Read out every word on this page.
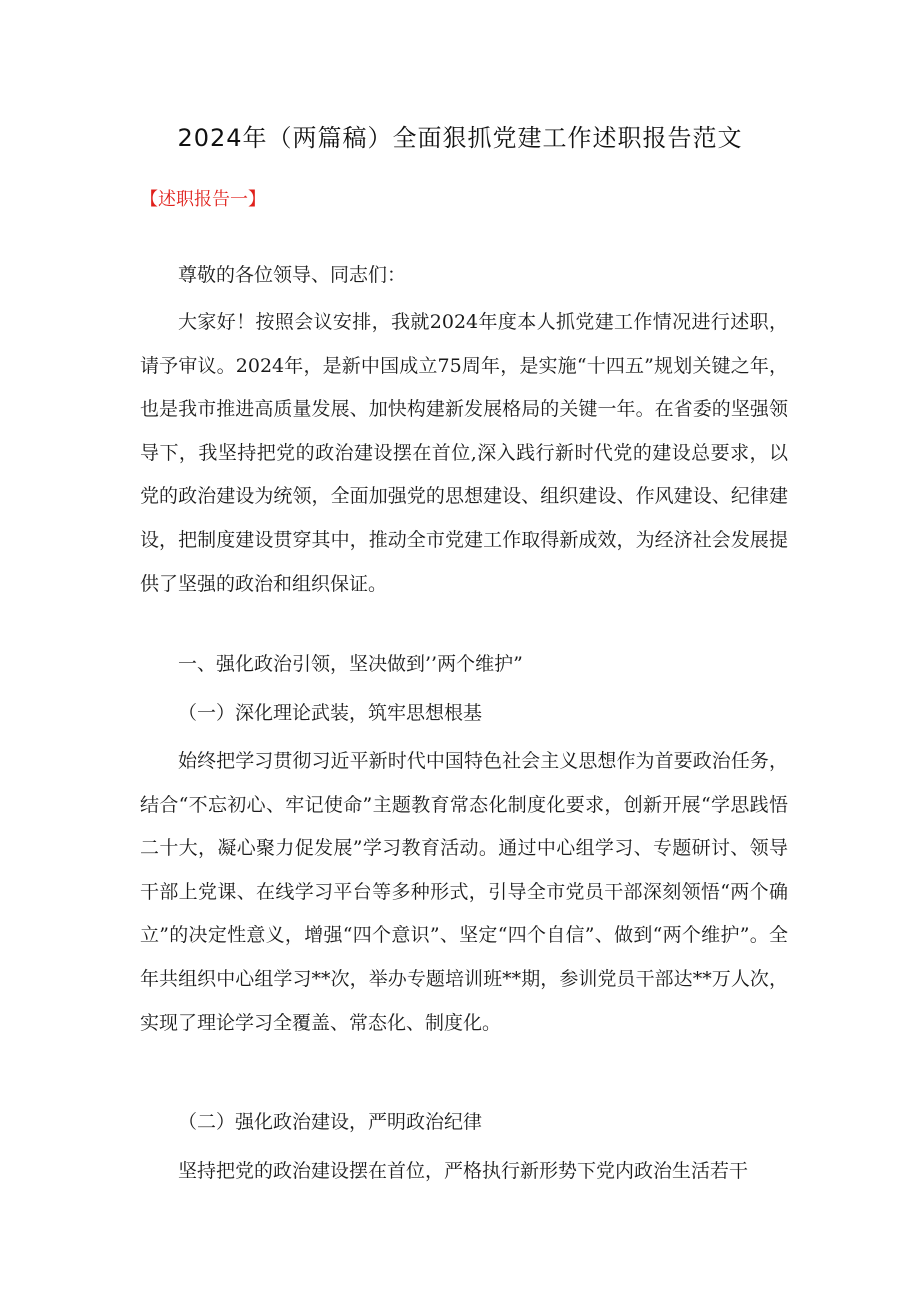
2024年（两篇稿）全面狠抓党建工作述职报告范文
【述职报告一】

尊敬的各位领导、同志们：

大家好！按照会议安排，我就2024年度本人抓党建工作情况进行述职，请予审议。2024年，是新中国成立75周年，是实施“十四五”规划关键之年，也是我市推进高质量发展、加快构建新发展格局的关键一年。在省委的坚强领导下，我坚持把党的政治建设摆在首位,深入践行新时代党的建设总要求，以党的政治建设为统领，全面加强党的思想建设、组织建设、作风建设、纪律建设，把制度建设贯穿其中，推动全市党建工作取得新成效，为经济社会发展提供了坚强的政治和组织保证。

一、强化政治引领，坚决做到’’两个维护”

（一）深化理论武装，筑牢思想根基

始终把学习贯彻习近平新时代中国特色社会主义思想作为首要政治任务，结合“不忘初心、牢记使命”主题教育常态化制度化要求，创新开展“学思践悟二十大，凝心聚力促发展”学习教育活动。通过中心组学习、专题研讨、领导干部上党课、在线学习平台等多种形式，引导全市党员干部深刻领悟“两个确立”的决定性意义，增强“四个意识”、坚定“四个自信”、做到“两个维护”。全年共组织中心组学习**次，举办专题培训班**期，参训党员干部达**万人次，实现了理论学习全覆盖、常态化、制度化。

（二）强化政治建设，严明政治纪律

坚持把党的政治建设摆在首位，严格执行新形势下党内政治生活若干
